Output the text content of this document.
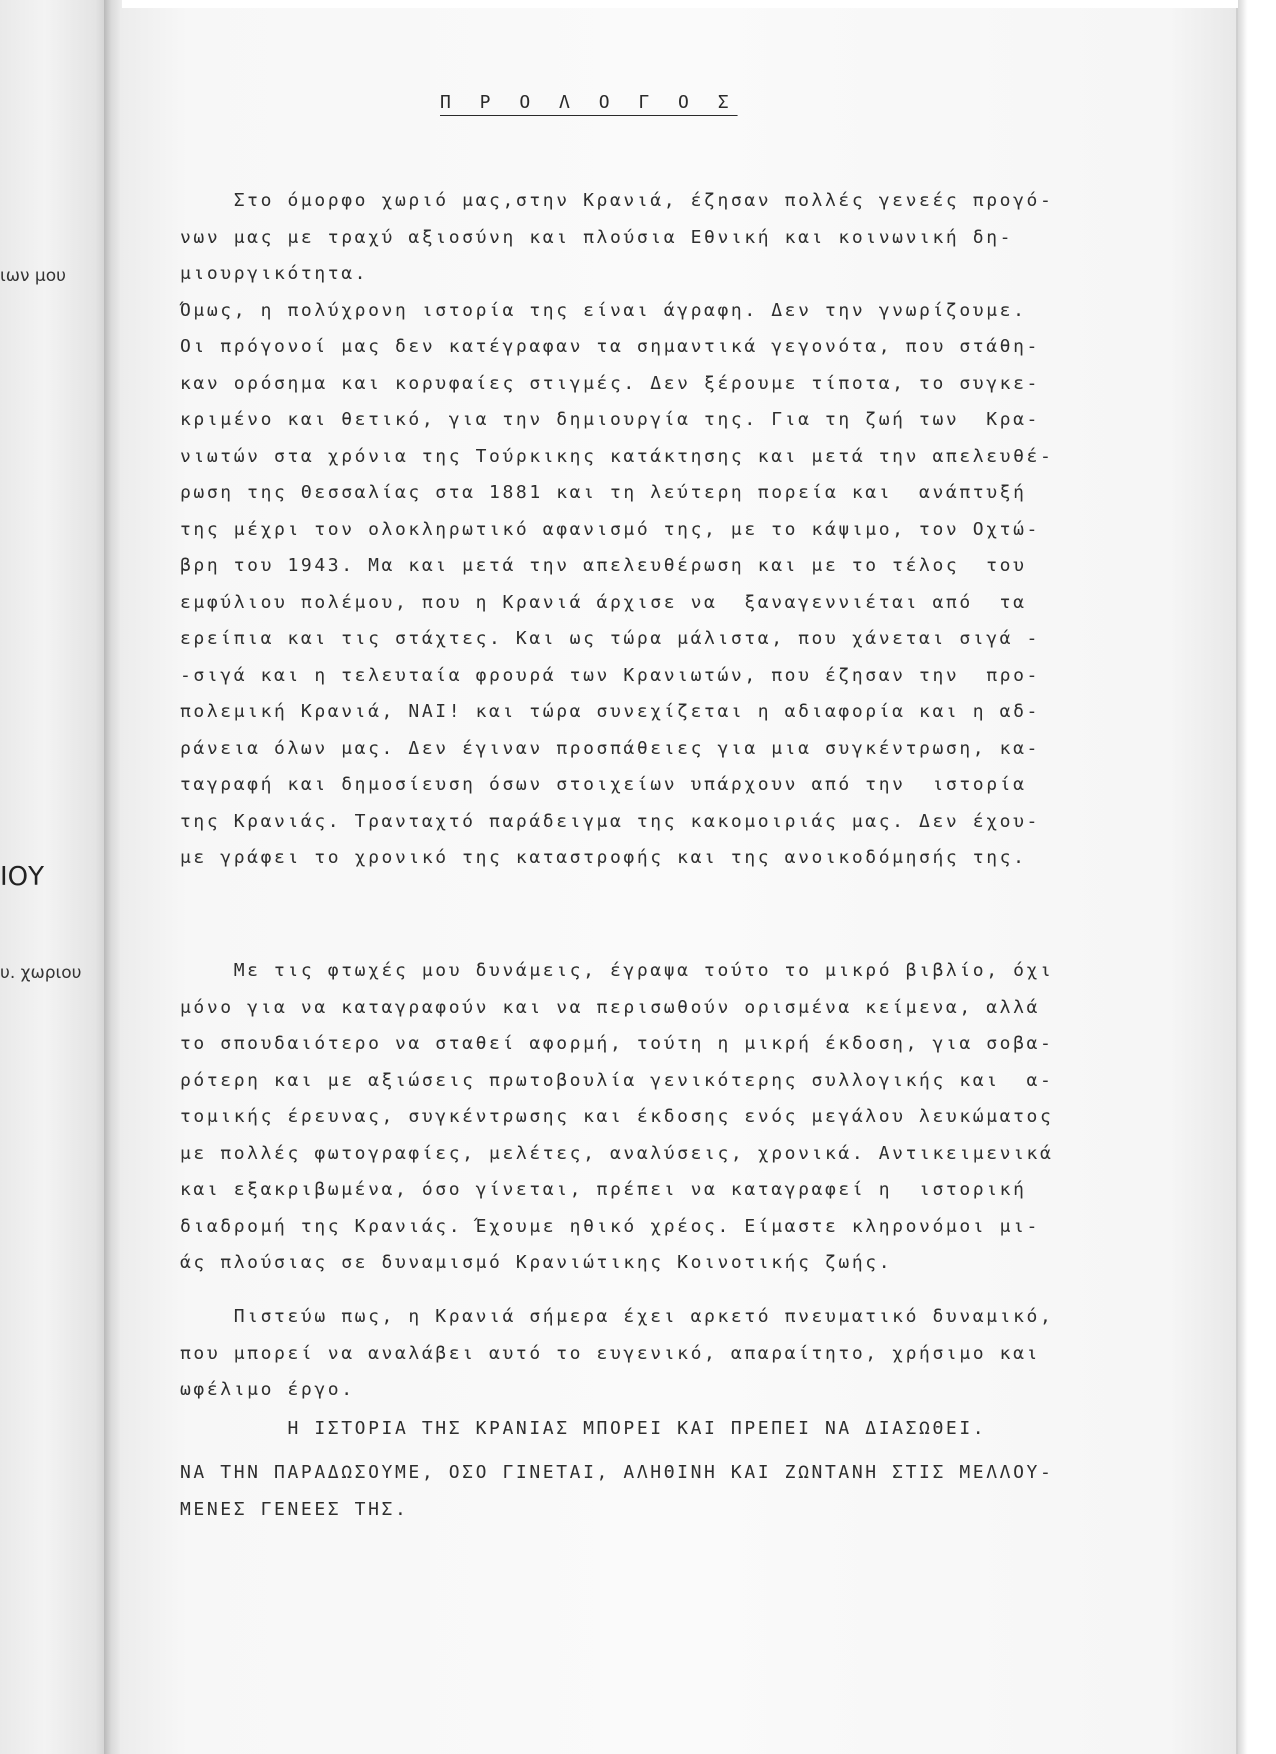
ιων μου
ΙΟΥ
υ. χωριου
Π Ρ Ο Λ Ο Γ Ο Σ
Στο όμορφο χωριό μας,στην Κρανιά, έζησαν πολλές γενεές προγό-
νων μας με τραχύ αξιοσύνη και πλούσια Εθνική και κοινωνική δη-
μιουργικότητα.
Όμως, η πολύχρονη ιστορία της είναι άγραφη. Δεν την γνωρίζουμε.
Οι πρόγονοί μας δεν κατέγραφαν τα σημαντικά γεγονότα, που στάθη-
καν ορόσημα και κορυφαίες στιγμές. Δεν ξέρουμε τίποτα, το συγκε-
κριμένο και θετικό, για την δημιουργία της. Για τη ζωή των  Κρα-
νιωτών στα χρόνια της Τούρκικης κατάκτησης και μετά την απελευθέ-
ρωση της Θεσσαλίας στα 1881 και τη λεύτερη πορεία και  ανάπτυξή
της μέχρι τον ολοκληρωτικό αφανισμό της, με το κάψιμο, τον Οχτώ-
βρη του 1943. Μα και μετά την απελευθέρωση και με το τέλος  του
εμφύλιου πολέμου, που η Κρανιά άρχισε να  ξαναγεννιέται από  τα
ερείπια και τις στάχτες. Και ως τώρα μάλιστα, που χάνεται σιγά -
-σιγά και η τελευταία φρουρά των Κρανιωτών, που έζησαν την  προ-
πολεμική Κρανιά, ΝΑΙ! και τώρα συνεχίζεται η αδιαφορία και η αδ-
ράνεια όλων μας. Δεν έγιναν προσπάθειες για μια συγκέντρωση, κα-
ταγραφή και δημοσίευση όσων στοιχείων υπάρχουν από την  ιστορία
της Κρανιάς. Τρανταχτό παράδειγμα της κακομοιριάς μας. Δεν έχου-
με γράφει το χρονικό της καταστροφής και της ανοικοδόμησής της.
Με τις φτωχές μου δυνάμεις, έγραψα τούτο το μικρό βιβλίο, όχι
μόνο για να καταγραφούν και να περισωθούν ορισμένα κείμενα, αλλά
το σπουδαιότερο να σταθεί αφορμή, τούτη η μικρή έκδοση, για σοβα-
ρότερη και με αξιώσεις πρωτοβουλία γενικότερης συλλογικής και  α-
τομικής έρευνας, συγκέντρωσης και έκδοσης ενός μεγάλου λευκώματος
με πολλές φωτογραφίες, μελέτες, αναλύσεις, χρονικά. Αντικειμενικά
και εξακριβωμένα, όσο γίνεται, πρέπει να καταγραφεί η  ιστορική
διαδρομή της Κρανιάς. Έχουμε ηθικό χρέος. Είμαστε κληρονόμοι μι-
άς πλούσιας σε δυναμισμό Κρανιώτικης Κοινοτικής ζωής.
Πιστεύω πως, η Κρανιά σήμερα έχει αρκετό πνευματικό δυναμικό,
που μπορεί να αναλάβει αυτό το ευγενικό, απαραίτητο, χρήσιμο και
ωφέλιμο έργο.
Η ΙΣΤΟΡΙΑ ΤΗΣ ΚΡΑΝΙΑΣ ΜΠΟΡΕΙ ΚΑΙ ΠΡΕΠΕΙ ΝΑ ΔΙΑΣΩΘΕΙ.
ΝΑ ΤΗΝ ΠΑΡΑΔΩΣΟΥΜΕ, ΟΣΟ ΓΙΝΕΤΑΙ, ΑΛΗΘΙΝΗ ΚΑΙ ΖΩΝΤΑΝΗ ΣΤΙΣ ΜΕΛΛΟΥ-
ΜΕΝΕΣ ΓΕΝΕΕΣ ΤΗΣ.
